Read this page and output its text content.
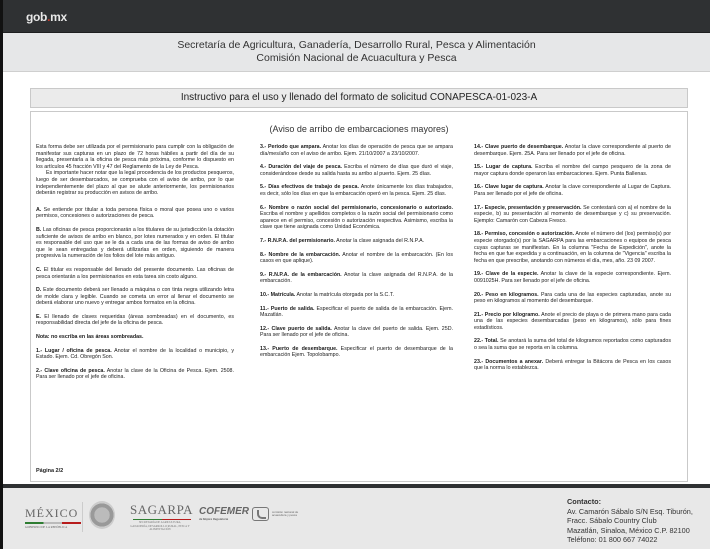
gob.mx
Secretaría de Agricultura, Ganadería, Desarrollo Rural, Pesca y Alimentación
Comisión Nacional de Acuacultura y Pesca
Instructivo para el uso y llenado del formato de solicitud CONAPESCA-01-023-A
(Aviso de arribo de embarcaciones mayores)

Esta forma debe ser utilizada por el permisionario para cumplir con la obligación de manifestar sus capturas en un plazo de 72 horas hábiles a partir del día de su llegada, presentarla a la oficina de pesca más próxima, conforme lo dispuesto en los artículos 45 fracción VIII y 47 del Reglamento de la Ley de Pesca.

Es importante hacer notar que la legal procedencia de los productos pesqueros, luego de ser desembarcados, se comprueba con el aviso de arribo, por lo que independientemente del plazo al que se alude anteriormente, los permisionarios deberán registrar su producción en avisos de arribo.

A. Se entiende por titular a toda persona física o moral que posea uno o varios permisos, concesiones o autorizaciones de pesca.

B. Las oficinas de pesca proporcionarán a los titulares de su jurisdicción la dotación suficiente de avisos de arribo en blanco, por lotes numerados y en orden. El titular es responsable del uso que se le da a cada una de las formas de aviso de arribo que le sean entregadas y deberá utilizarlas en orden, siguiendo de manera progresiva la numeración de los folios del lote más antiguo.

C. El titular es responsable del llenado del presente documento. Las oficinas de pesca orientarán a los permisionarios en esta tarea sin costo alguno.

D. Este documento deberá ser llenado a máquina o con tinta negra utilizando letra de molde clara y legible. Cuando se cometa un error al llenar el documento se deberá elaborar uno nuevo y entregar ambos formatos en la oficina.

E. El llenado de claves requeridas (áreas sombreadas) en el documento, es responsabilidad directa del jefe de la oficina de pesca.

Nota: no escriba en las áreas sombreadas.

1.- Lugar / oficina de pesca. Anotar el nombre de la localidad o municipio, y Estado. Ejem. Cd. Obregón Son.

2.- Clave oficina de pesca. Anotar la clave de la Oficina de Pesca. Ejem. 2508. Para ser llenado por el jefe de oficina.

3.- Periodo que ampara. Anotar los días de operación de pesca que se ampara día/mes/año con el aviso de arribo. Ejem. 21/10/2007 a 23/10/2007.

4.- Duración del viaje de pesca. Escriba el número de días que duró el viaje, considerándose desde su salida hasta su arribo al puerto. Ejem. 25 días.

5.- Días efectivos de trabajo de pesca. Anote únicamente los días trabajados, es decir, sólo los días en que la embarcación operó en la pesca. Ejem. 25 días.

6.- Nombre o razón social del permisionario, concesionario o autorizado. Escriba el nombre y apellidos completos o la razón social del permisionario como aparece en el permiso, concesión o autorización respectiva. Asimismo, escriba la clave que tiene asignada como Unidad Económica.

7.- R.N.P.A. del permisionario. Anotar la clave asignada del R.N.P.A.

8.- Nombre de la embarcación. Anotar el nombre de la embarcación. (En los casos en que aplique).

9.- R.N.P.A. de la embarcación. Anotar la clave asignada del R.N.P.A. de la embarcación.

10.- Matrícula. Anotar la matrícula otorgada por la S.C.T.

11.- Puerto de salida. Especificar el puerto de salida de la embarcación. Ejem. Mazatlán.

12.- Clave puerto de salida. Anotar la clave del puerto de salida. Ejem. 25D. Para ser llenado por el jefe de oficina.

13.- Puerto de desembarque. Especificar el puerto de desembarque de la embarcación Ejem. Topolobampo.

14.- Clave puerto de desembarque. Anotar la clave correspondiente al puerto de desembarque. Ejem. 25A. Para ser llenado por el jefe de oficina.

15.- Lugar de captura. Escriba el nombre del campo pesquero de la zona de mayor captura donde operaron las embarcaciones. Ejem. Punta Ballenas.

16.- Clave lugar de captura. Anotar la clave correspondiente al Lugar de Captura. Para ser llenado por el jefe de oficina.

17.- Especie, presentación y preservación. Se contestará con a) el nombre de la especie, b) su presentación al momento de desembarque y c) su preservación. Ejemplo: Camarón con Cabeza Fresco.

18.- Permiso, concesión o autorización. Anote el número del (los) permiso(s) por especie otorgado(s) por la SAGARPA para las embarcaciones o equipos de pesca cuyas capturas se manifiestan. En la columna "Fecha de Expedición", anote la fecha en que fue expedida y a continuación, en la columna de "Vigencia" escriba la fecha en que prescribe, anotando con números el día, mes, año. 23 09 2007.

19.- Clave de la especie. Anotar la clave de la especie correspondiente. Ejem. 0091025H. Para ser llenado por el jefe de oficina.

20.- Peso en kilogramos. Para cada una de las especies capturadas, anote su peso en kilogramos al momento del desembarque.

21.- Precio por kilogramo. Anote el precio de playa o de primera mano para cada una de las especies desembarcadas (peso en kilogramos), sólo para fines estadísticos.

22.- Total. Se anotará la suma del total de kilogramos reportados como capturados o sea la suma que se reporta en la columna.

23.- Documentos a anexar. Deberá entregar la Bitácora de Pesca en los casos que la norma lo establezca.

Página 2/2
MÉXICO
GOBIERNO DE LA REPÚBLICA
SAGARPA
SECRETARÍA DE AGRICULTURA, GANADERÍA, DESARROLLO RURAL, PESCA Y ALIMENTACIÓN
COFEMER
de Mejora Regulatoria
comisión nacional de acuacultura y pesca
Contacto:
Av. Camarón Sábalo S/N Esq. Tiburón,
Fracc. Sábalo Country Club
Mazatlán, Sinaloa, México C.P. 82100
Teléfono: 01 800 667 74022
